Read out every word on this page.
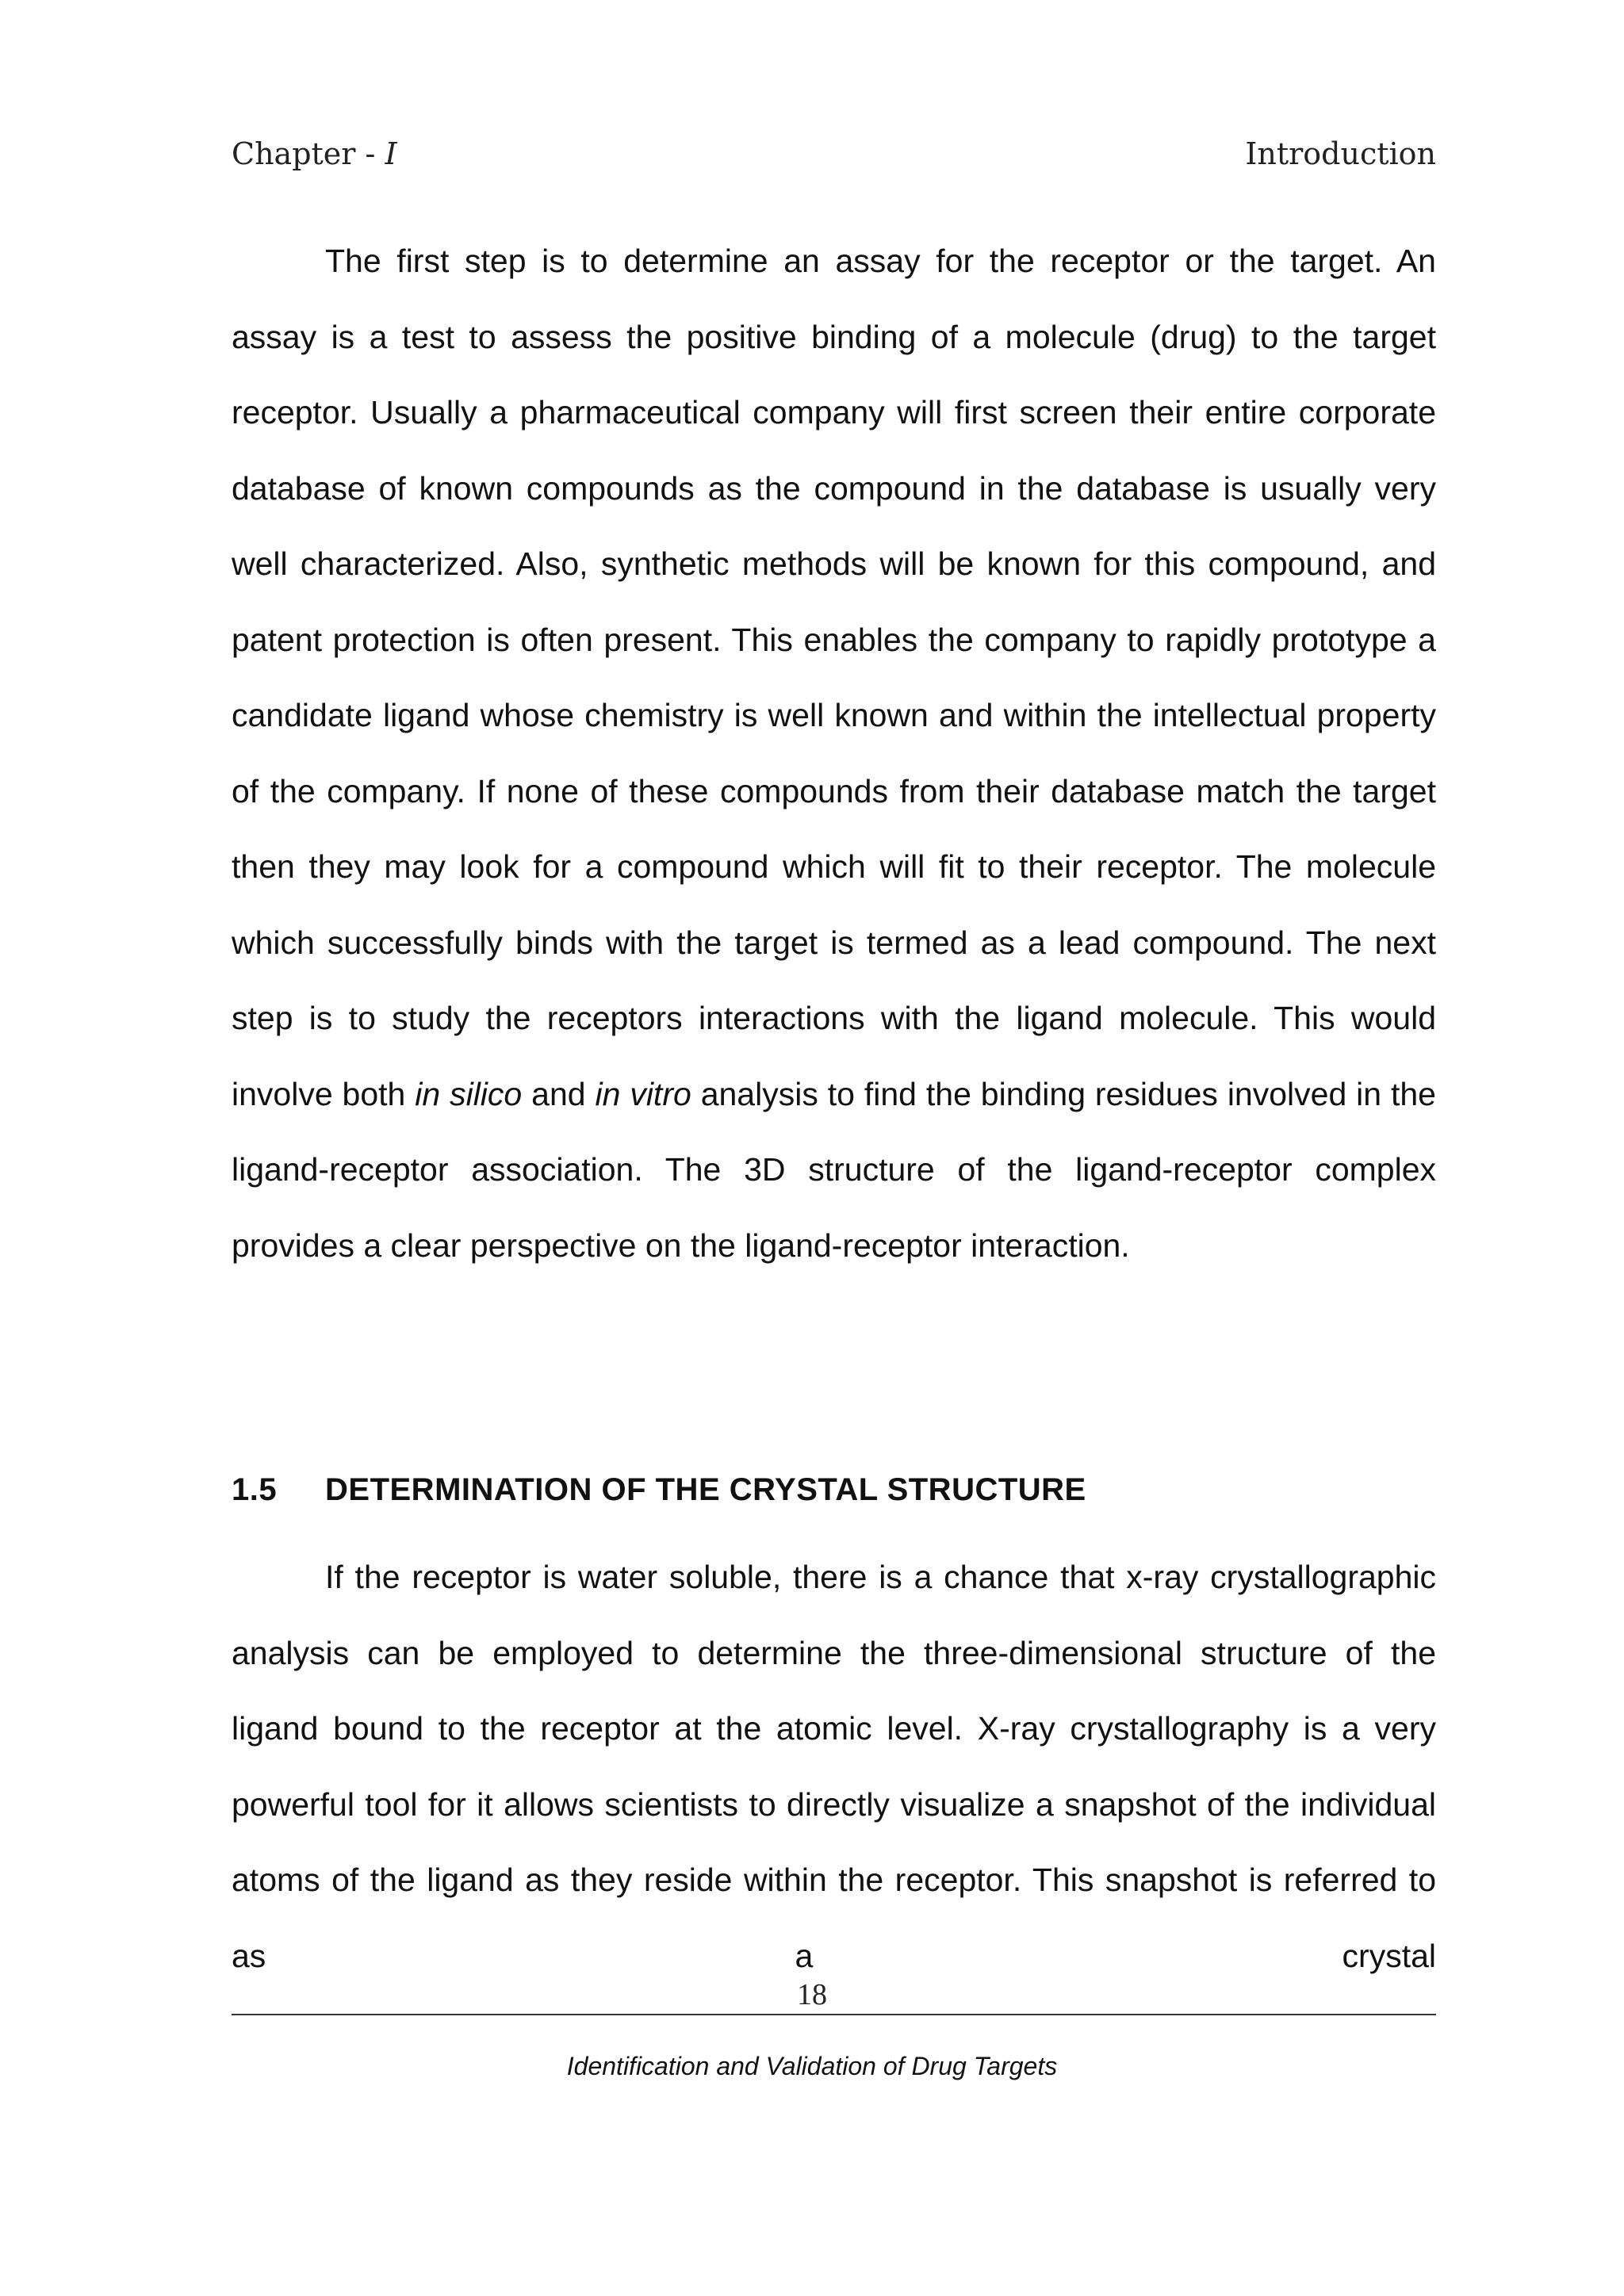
Chapter - I	Introduction

The first step is to determine an assay for the receptor or the target. An assay is a test to assess the positive binding of a molecule (drug) to the target receptor. Usually a pharmaceutical company will first screen their entire corporate database of known compounds as the compound in the database is usually very well characterized. Also, synthetic methods will be known for this compound, and patent protection is often present. This enables the company to rapidly prototype a candidate ligand whose chemistry is well known and within the intellectual property of the company. If none of these compounds from their database match the target then they may look for a compound which will fit to their receptor. The molecule which successfully binds with the target is termed as a lead compound. The next step is to study the receptors interactions with the ligand molecule. This would involve both in silico and in vitro analysis to find the binding residues involved in the ligand-receptor association. The 3D structure of the ligand-receptor complex provides a clear perspective on the ligand-receptor interaction.

1.5 DETERMINATION OF THE CRYSTAL STRUCTURE

If the receptor is water soluble, there is a chance that x-ray crystallographic analysis can be employed to determine the three-dimensional structure of the ligand bound to the receptor at the atomic level. X-ray crystallography is a very powerful tool for it allows scientists to directly visualize a snapshot of the individual atoms of the ligand as they reside within the receptor. This snapshot is referred to as a crystal

18
Identification and Validation of Drug Targets
